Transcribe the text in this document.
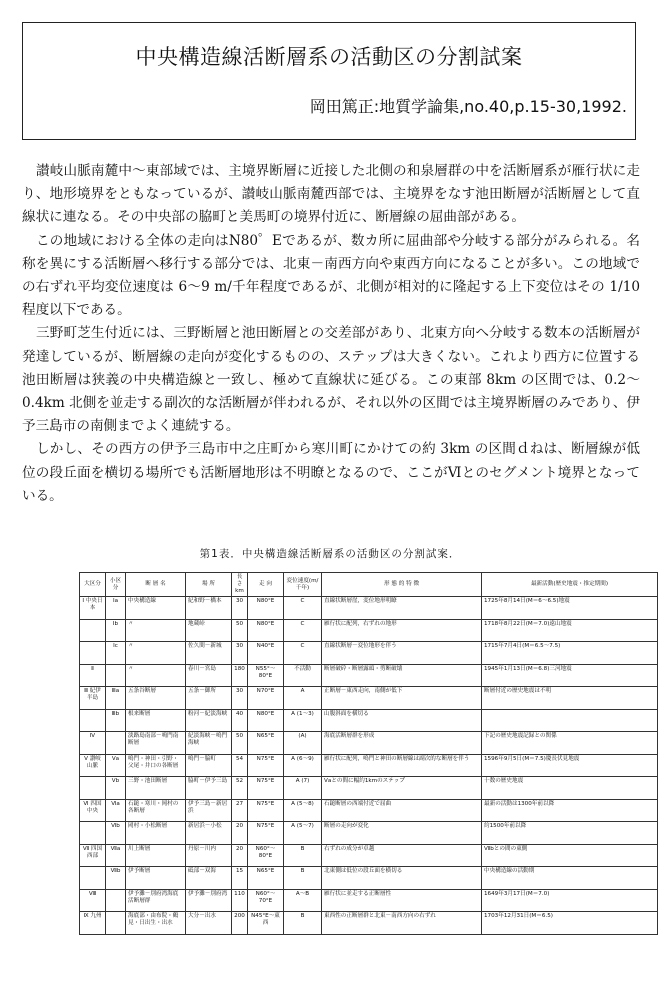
中央構造線活断層系の活動区の分割試案
岡田篤正:地質学論集,no.40,p.15-30,1992.

讃岐山脈南麓中～東部域では、主境界断層に近接した北側の和泉層群の中を活断層系が雁行状に走り、地形境界をともなっているが、讃岐山脈南麓西部では、主境界をなす池田断層が活断層として直線状に連なる。その中央部の脇町と美馬町の境界付近に、断層線の屈曲部がある。

この地域における全体の走向はN80゜Eであるが、数カ所に屈曲部や分岐する部分がみられる。名称を異にする活断層へ移行する部分では、北東－南西方向や東西方向になることが多い。この地域での右ずれ平均変位速度は 6～9 m/千年程度であるが、北側が相対的に隆起する上下変位はその 1/10 程度以下である。

三野町芝生付近には、三野断層と池田断層との交差部があり、北東方向へ分岐する数本の活断層が発達しているが、断層線の走向が変化するものの、ステップは大きくない。これより西方に位置する池田断層は狭義の中央構造線と一致し、極めて直線状に延びる。この東部 8km の区間では、0.2～0.4km 北側を並走する副次的な活断層が伴われるが、それ以外の区間では主境界断層のみであり、伊予三島市の南側までよく連続する。

しかし、その西方の伊予三島市中之庄町から寒川町にかけての約 3km の区間ｄねは、断層線が低位の段丘面を横切る場所でも活断層地形は不明瞭となるので、ここがⅥとのセグメント境界となっている。

第1表．中央構造線活断層系の活動区の分割試案．
大区分	小区分	断 層 名	場 所	長さ km	走 向	変位速度(m/千年)	形 態 的 特 徴	最新活動(歴史地震・推定期間)
Ⅰ 中央日本	Ⅰa	中央構造線	紀和野－橋本	30	N80°E	C	直線状断層崖，変位地形明瞭	1725年8月14日(M＝6～6.5)地震
	Ⅰb	〃	地蔵峠	50	N80°E	C	雁行状に配列，右ずれの地形	1718年8月22日(M＝7.0)遠山地震
	Ⅰc	〃	佐久間－新城	30	N40°E	C	直線状断層－変位地形を伴う	1715年7月4日(M＝6.5～7.5)
Ⅱ		〃	春川－宮島	180	N55°～80°E	不活動	断層破砕・断層露頭・剪断破壊	1945年1月13日(M＝6.8)三河地震
Ⅲ 紀伊半島	Ⅲa	五条谷断層	五条－御所	30	N70°E	A	正断層－東西走向，南側が低下	断層付近の歴史地震は不明
	Ⅲb	根来断層	粉河－紀淡海峡	40	N80°E	A (1～3)	山腹斜面を横切る	
Ⅳ		淡路島南部－鳴門南断層	紀淡海峡－鳴門海峡	50	N65°E	(A)	海底活断層群を形成	下記の歴史地震記録との関係
Ⅴ 讃岐山脈	Ⅴa	鳴門・神田・引野・父尾・井口の各断層	鳴門－脇町	54	N75°E	A (6～9)	雁行状に配列，鳴門と神田の断層線は副次的な断層を伴う	1596年9月5日(M＝7.5)慶長伏見地震
	Ⅴb	三野・池田断層	脇町－伊予三島	52	N75°E	A (7)	Ⅴaとの間に幅約1kmのステップ	十数の歴史地震
Ⅵ 四国中央	Ⅵa	石鎚・寒川・岡村の各断層	伊予三島－新居浜	27	N75°E	A (5～8)	石鎚断層の西端付近で屈曲	最新の活動は1300年前以降
	Ⅵb	岡村・小松断層	新居浜－小松	20	N75°E	A (5～7)	断層の走向が変化	約1500年前以降
Ⅶ 四国西部	Ⅶa	川上断層	丹原－川内	20	N60°～80°E	B	右ずれの成分が卓越	Ⅶbとの間の東側
	Ⅶb	伊予断層	砥部－双海	15	N65°E	B	北東側は低位の段丘面を横切る	中央構造線の活動期
Ⅷ		伊予灘－別府湾海底活断層群	伊予灘－別府湾	110	N60°～70°E	A～B	雁行状に並走する正断層性	1649年3月17日(M＝7.0)
Ⅸ 九州		海底部・由布院・鶴見・日出生・出水	大分－出水	200	N45°E～東西	B	東西性の正断層群と北東－南西方向の右ずれ	1703年12月31日(M＝6.5)
